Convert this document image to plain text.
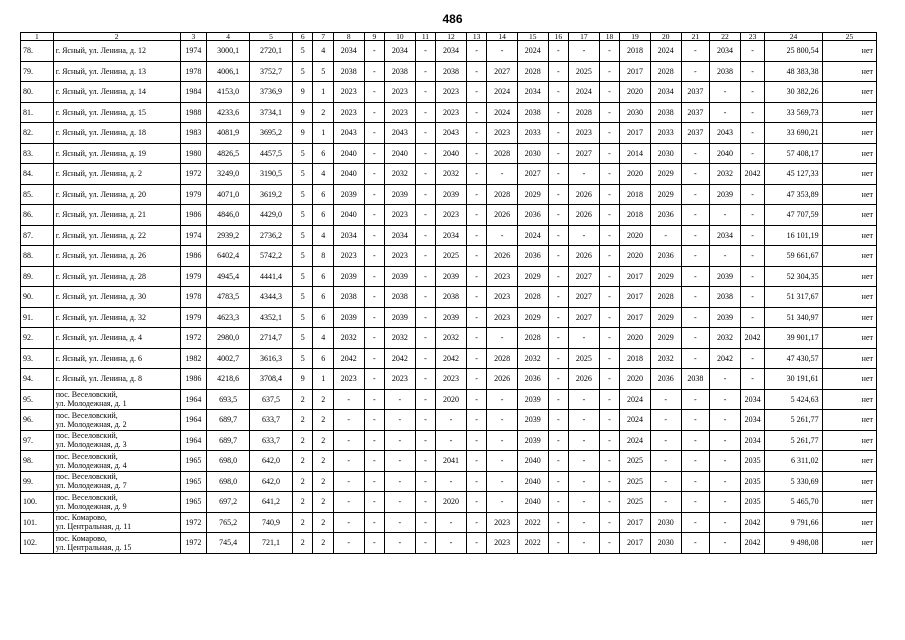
486
1	2	3	4	5	6	7	8	9	10	11	12	13	14	15	16	17	18	19	20	21	22	23	24	25
78.	г. Ясный, ул. Ленина, д. 12	1974	3000,1	2720,1	5	4	2034	-	2034	-	2034	-	-	2024	-	-	-	2018	2024	-	2034	-	25 800,54	нет
79.	г. Ясный, ул. Ленина, д. 13	1978	4006,1	3752,7	5	5	2038	-	2038	-	2038	-	2027	2028	-	2025	-	2017	2028	-	2038	-	48 383,38	нет
80.	г. Ясный, ул. Ленина, д. 14	1984	4153,0	3736,9	9	1	2023	-	2023	-	2023	-	2024	2034	-	2024	-	2020	2034	2037	-	-	30 382,26	нет
81.	г. Ясный, ул. Ленина, д. 15	1988	4233,6	3734,1	9	2	2023	-	2023	-	2023	-	2024	2038	-	2028	-	2030	2038	2037	-	-	33 569,73	нет
82.	г. Ясный, ул. Ленина, д. 18	1983	4081,9	3695,2	9	1	2043	-	2043	-	2043	-	2023	2033	-	2023	-	2017	2033	2037	2043	-	33 690,21	нет
83.	г. Ясный, ул. Ленина, д. 19	1980	4826,5	4457,5	5	6	2040	-	2040	-	2040	-	2028	2030	-	2027	-	2014	2030	-	2040	-	57 408,17	нет
84.	г. Ясный, ул. Ленина, д. 2	1972	3249,0	3190,5	5	4	2040	-	2032	-	2032	-	-	2027	-	-	-	2020	2029	-	2032	2042	45 127,33	нет
85.	г. Ясный, ул. Ленина, д. 20	1979	4071,0	3619,2	5	6	2039	-	2039	-	2039	-	2028	2029	-	2026	-	2018	2029	-	2039	-	47 353,89	нет
86.	г. Ясный, ул. Ленина, д. 21	1986	4846,0	4429,0	5	6	2040	-	2023	-	2023	-	2026	2036	-	2026	-	2018	2036	-	-	-	47 707,59	нет
87.	г. Ясный, ул. Ленина, д. 22	1974	2939,2	2736,2	5	4	2034	-	2034	-	2034	-	-	2024	-	-	-	2020	-	-	2034	-	16 101,19	нет
88.	г. Ясный, ул. Ленина, д. 26	1986	6402,4	5742,2	5	8	2023	-	2023	-	2025	-	2026	2036	-	2026	-	2020	2036	-	-	-	59 661,67	нет
89.	г. Ясный, ул. Ленина, д. 28	1979	4945,4	4441,4	5	6	2039	-	2039	-	2039	-	2023	2029	-	2027	-	2017	2029	-	2039	-	52 304,35	нет
90.	г. Ясный, ул. Ленина, д. 30	1978	4783,5	4344,3	5	6	2038	-	2038	-	2038	-	2023	2028	-	2027	-	2017	2028	-	2038	-	51 317,67	нет
91.	г. Ясный, ул. Ленина, д. 32	1979	4623,3	4352,1	5	6	2039	-	2039	-	2039	-	2023	2029	-	2027	-	2017	2029	-	2039	-	51 340,97	нет
92.	г. Ясный, ул. Ленина, д. 4	1972	2980,0	2714,7	5	4	2032	-	2032	-	2032	-	-	2028	-	-	-	2020	2029	-	2032	2042	39 901,17	нет
93.	г. Ясный, ул. Ленина, д. 6	1982	4002,7	3616,3	5	6	2042	-	2042	-	2042	-	2028	2032	-	2025	-	2018	2032	-	2042	-	47 430,57	нет
94.	г. Ясный, ул. Ленина, д. 8	1986	4218,6	3708,4	9	1	2023	-	2023	-	2023	-	2026	2036	-	2026	-	2020	2036	2038	-	-	30 191,61	нет
95.	пос. Веселовский,
ул. Молодежная, д. 1	1964	693,5	637,5	2	2	-	-	-	-	2020	-	-	2039	-	-	-	2024	-	-	-	2034	5 424,63	нет
96.	пос. Веселовский,
ул. Молодежная, д. 2	1964	689,7	633,7	2	2	-	-	-	-	-	-	-	2039	-	-	-	2024	-	-	-	2034	5 261,77	нет
97.	пос. Веселовский,
ул. Молодежная, д. 3	1964	689,7	633,7	2	2	-	-	-	-	-	-	-	2039	-	-	-	2024	-	-	-	2034	5 261,77	нет
98.	пос. Веселовский,
ул. Молодежная, д. 4	1965	698,0	642,0	2	2	-	-	-	-	2041	-	-	2040	-	-	-	2025	-	-	-	2035	6 311,02	нет
99.	пос. Веселовский,
ул. Молодежная, д. 7	1965	698,0	642,0	2	2	-	-	-	-	-	-	-	2040	-	-	-	2025	-	-	-	2035	5 330,69	нет
100.	пос. Веселовский,
ул. Молодежная, д. 9	1965	697,2	641,2	2	2	-	-	-	-	2020	-	-	2040	-	-	-	2025	-	-	-	2035	5 465,70	нет
101.	пос. Комарово,
ул. Центральная, д. 11	1972	765,2	740,9	2	2	-	-	-	-	-	-	2023	2022	-	-	-	2017	2030	-	-	2042	9 791,66	нет
102.	пос. Комарово,
ул. Центральная, д. 15	1972	745,4	721,1	2	2	-	-	-	-	-	-	2023	2022	-	-	-	2017	2030	-	-	2042	9 498,08	нет
